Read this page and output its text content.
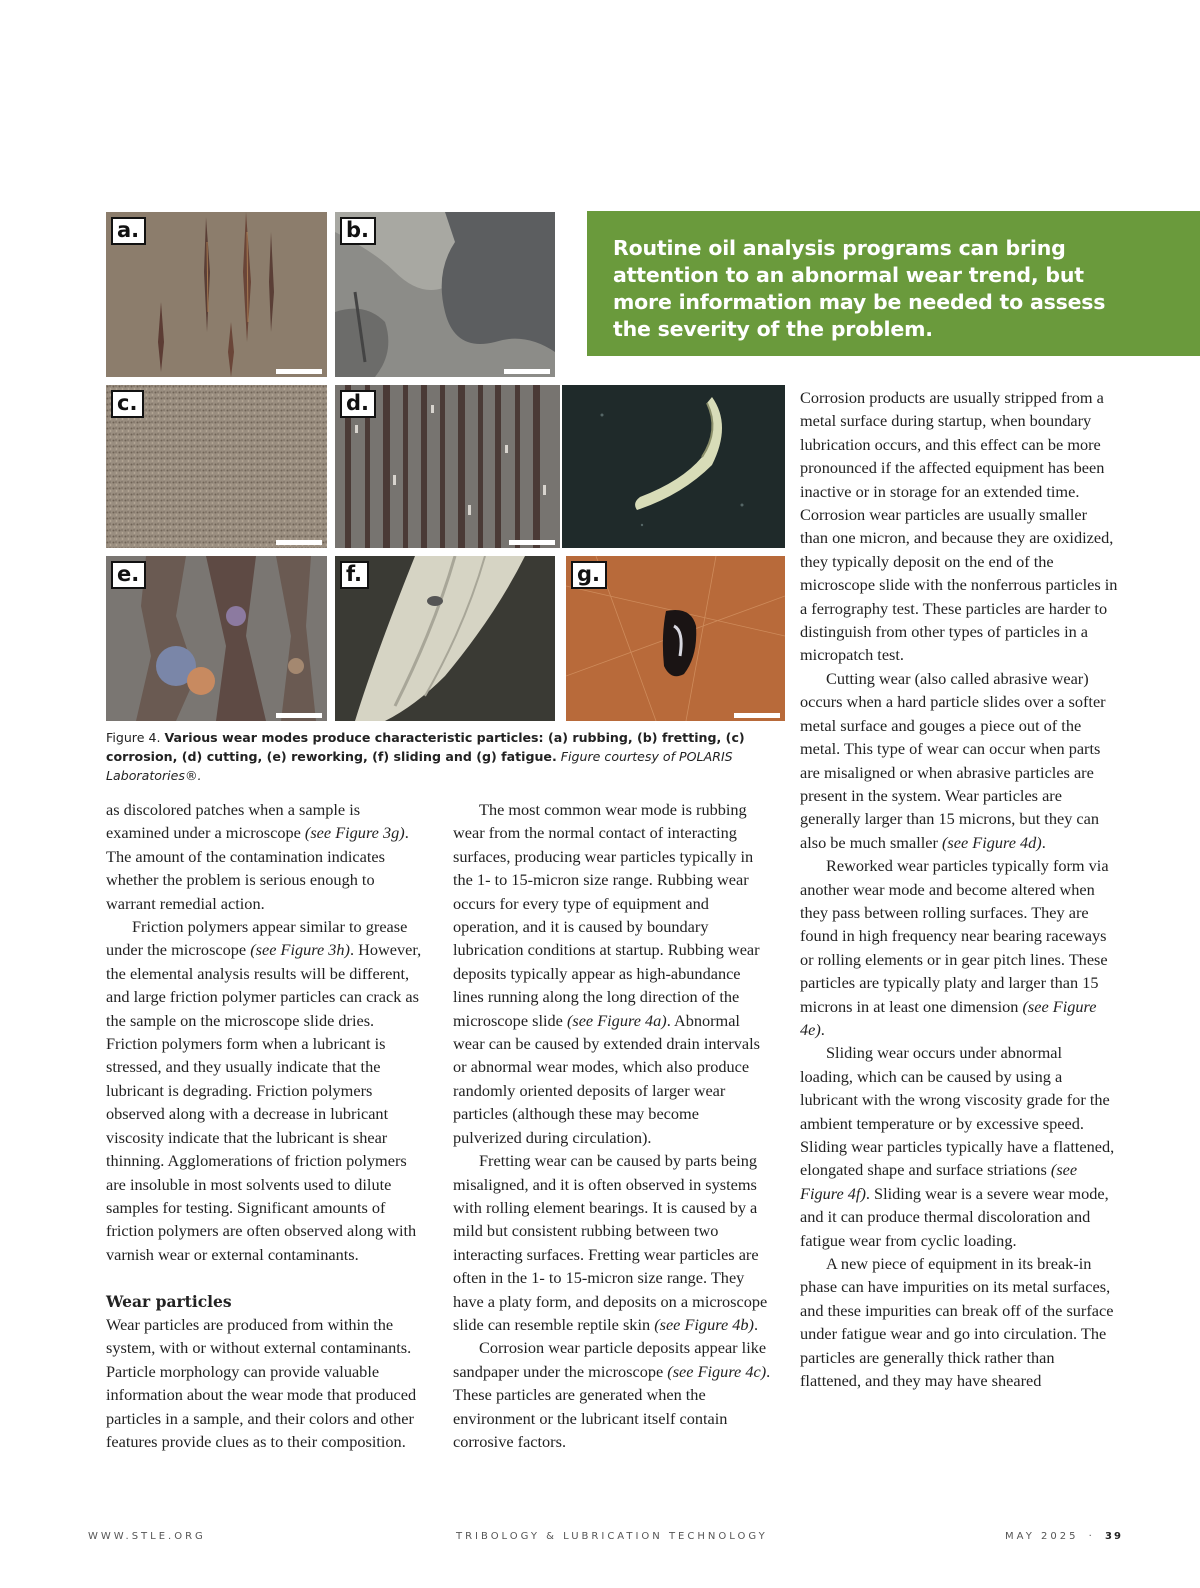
a.	b.
c.	d.
e.	f.	g.

Routine oil analysis programs can bring attention to an abnormal wear trend, but more information may be needed to assess the severity of the problem.

Figure 4. Various wear modes produce characteristic particles: (a) rubbing, (b) fretting, (c) corrosion, (d) cutting, (e) reworking, (f) sliding and (g) fatigue. Figure courtesy of POLARIS Laboratories®.

as discolored patches when a sample is examined under a microscope (see Figure 3g). The amount of the contamination indicates whether the problem is serious enough to warrant remedial action.

Friction polymers appear similar to grease under the microscope (see Figure 3h). However, the elemental analysis results will be different, and large friction polymer particles can crack as the sample on the microscope slide dries. Friction polymers form when a lubricant is stressed, and they usually indicate that the lubricant is degrading. Friction polymers observed along with a decrease in lubricant viscosity indicate that the lubricant is shear thinning. Agglomerations of friction polymers are insoluble in most solvents used to dilute samples for testing. Significant amounts of friction polymers are often observed along with varnish wear or external contaminants.

Wear particles

Wear particles are produced from within the system, with or without external contaminants. Particle morphology can provide valuable information about the wear mode that produced particles in a sample, and their colors and other features provide clues as to their composition.

The most common wear mode is rubbing wear from the normal contact of interacting surfaces, producing wear particles typically in the 1- to 15-micron size range. Rubbing wear occurs for every type of equipment and operation, and it is caused by boundary lubrication conditions at startup. Rubbing wear deposits typically appear as high-abundance lines running along the long direction of the microscope slide (see Figure 4a). Abnormal wear can be caused by extended drain intervals or abnormal wear modes, which also produce randomly oriented deposits of larger wear particles (although these may become pulverized during circulation).

Fretting wear can be caused by parts being misaligned, and it is often observed in systems with rolling element bearings. It is caused by a mild but consistent rubbing between two interacting surfaces. Fretting wear particles are often in the 1- to 15-micron size range. They have a platy form, and deposits on a microscope slide can resemble reptile skin (see Figure 4b).

Corrosion wear particle deposits appear like sandpaper under the microscope (see Figure 4c). These particles are generated when the environment or the lubricant itself contain corrosive factors.

Corrosion products are usually stripped from a metal surface during startup, when boundary lubrication occurs, and this effect can be more pronounced if the affected equipment has been inactive or in storage for an extended time. Corrosion wear particles are usually smaller than one micron, and because they are oxidized, they typically deposit on the end of the microscope slide with the nonferrous particles in a ferrography test. These particles are harder to distinguish from other types of particles in a micropatch test.

Cutting wear (also called abrasive wear) occurs when a hard particle slides over a softer metal surface and gouges a piece out of the metal. This type of wear can occur when parts are misaligned or when abrasive particles are present in the system. Wear particles are generally larger than 15 microns, but they can also be much smaller (see Figure 4d).

Reworked wear particles typically form via another wear mode and become altered when they pass between rolling surfaces. They are found in high frequency near bearing raceways or rolling elements or in gear pitch lines. These particles are typically platy and larger than 15 microns in at least one dimension (see Figure 4e).

Sliding wear occurs under abnormal loading, which can be caused by using a lubricant with the wrong viscosity grade for the ambient temperature or by excessive speed. Sliding wear particles typically have a flattened, elongated shape and surface striations (see Figure 4f). Sliding wear is a severe wear mode, and it can produce thermal discoloration and fatigue wear from cyclic loading.

A new piece of equipment in its break-in phase can have impurities on its metal surfaces, and these impurities can break off of the surface under fatigue wear and go into circulation. The particles are generally thick rather than flattened, and they may have sheared

WWW.STLE.ORG	TRIBOLOGY & LUBRICATION TECHNOLOGY	MAY 2025 · 39
